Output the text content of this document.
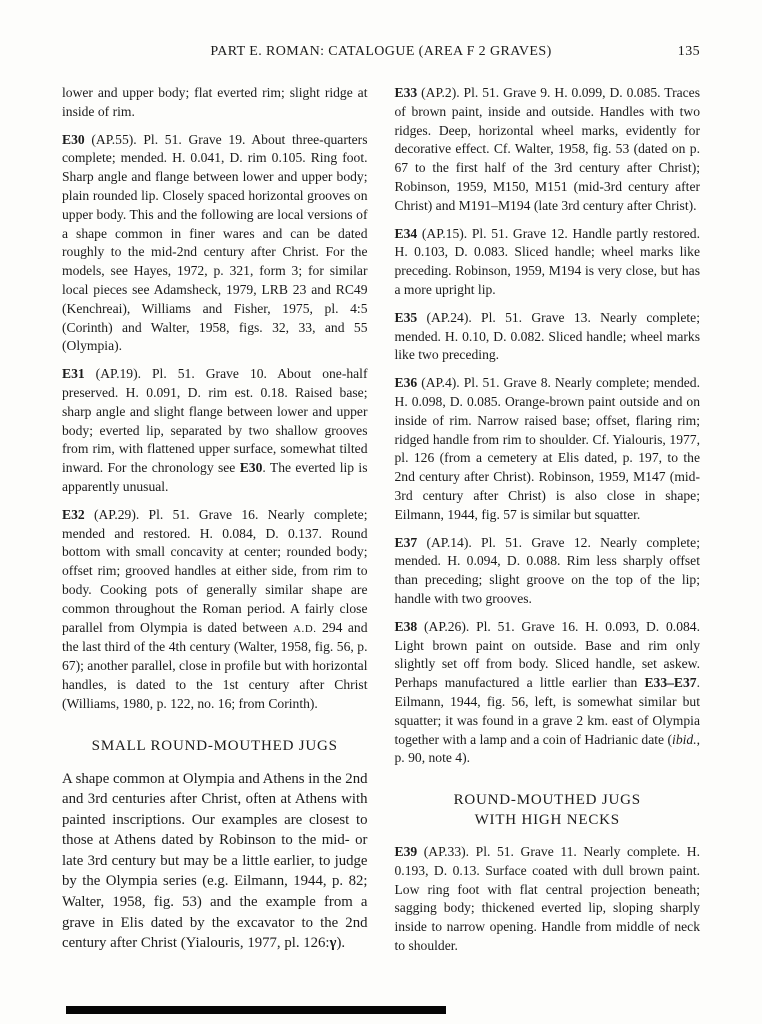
PART E. ROMAN: CATALOGUE (AREA F 2 GRAVES)	135

lower and upper body; flat everted rim; slight ridge at inside of rim.

E30 (AP.55). Pl. 51. Grave 19. About three-quarters complete; mended. H. 0.041, D. rim 0.105. Ring foot. Sharp angle and flange between lower and upper body; plain rounded lip. Closely spaced horizontal grooves on upper body. This and the following are local versions of a shape common in finer wares and can be dated roughly to the mid-2nd century after Christ. For the models, see Hayes, 1972, p. 321, form 3; for similar local pieces see Adamsheck, 1979, LRB 23 and RC49 (Kenchreai), Williams and Fisher, 1975, pl. 4:5 (Corinth) and Walter, 1958, figs. 32, 33, and 55 (Olympia).

E31 (AP.19). Pl. 51. Grave 10. About one-half preserved. H. 0.091, D. rim est. 0.18. Raised base; sharp angle and slight flange between lower and upper body; everted lip, separated by two shallow grooves from rim, with flattened upper surface, somewhat tilted inward. For the chronology see E30. The everted lip is apparently unusual.

E32 (AP.29). Pl. 51. Grave 16. Nearly complete; mended and restored. H. 0.084, D. 0.137. Round bottom with small concavity at center; rounded body; offset rim; grooved handles at either side, from rim to body. Cooking pots of generally similar shape are common throughout the Roman period. A fairly close parallel from Olympia is dated between A.D. 294 and the last third of the 4th century (Walter, 1958, fig. 56, p. 67); another parallel, close in profile but with horizontal handles, is dated to the 1st century after Christ (Williams, 1980, p. 122, no. 16; from Corinth).

SMALL ROUND-MOUTHED JUGS

A shape common at Olympia and Athens in the 2nd and 3rd centuries after Christ, often at Athens with painted inscriptions. Our examples are closest to those at Athens dated by Robinson to the mid- or late 3rd century but may be a little earlier, to judge by the Olympia series (e.g. Eilmann, 1944, p. 82; Walter, 1958, fig. 53) and the example from a grave in Elis dated by the excavator to the 2nd century after Christ (Yialouris, 1977, pl. 126:γ).

E33 (AP.2). Pl. 51. Grave 9. H. 0.099, D. 0.085. Traces of brown paint, inside and outside. Handles with two ridges. Deep, horizontal wheel marks, evidently for decorative effect. Cf. Walter, 1958, fig. 53 (dated on p. 67 to the first half of the 3rd century after Christ); Robinson, 1959, M150, M151 (mid-3rd century after Christ) and M191–M194 (late 3rd century after Christ).

E34 (AP.15). Pl. 51. Grave 12. Handle partly restored. H. 0.103, D. 0.083. Sliced handle; wheel marks like preceding. Robinson, 1959, M194 is very close, but has a more upright lip.

E35 (AP.24). Pl. 51. Grave 13. Nearly complete; mended. H. 0.10, D. 0.082. Sliced handle; wheel marks like two preceding.

E36 (AP.4). Pl. 51. Grave 8. Nearly complete; mended. H. 0.098, D. 0.085. Orange-brown paint outside and on inside of rim. Narrow raised base; offset, flaring rim; ridged handle from rim to shoulder. Cf. Yialouris, 1977, pl. 126 (from a cemetery at Elis dated, p. 197, to the 2nd century after Christ). Robinson, 1959, M147 (mid-3rd century after Christ) is also close in shape; Eilmann, 1944, fig. 57 is similar but squatter.

E37 (AP.14). Pl. 51. Grave 12. Nearly complete; mended. H. 0.094, D. 0.088. Rim less sharply offset than preceding; slight groove on the top of the lip; handle with two grooves.

E38 (AP.26). Pl. 51. Grave 16. H. 0.093, D. 0.084. Light brown paint on outside. Base and rim only slightly set off from body. Sliced handle, set askew. Perhaps manufactured a little earlier than E33–E37. Eilmann, 1944, fig. 56, left, is somewhat similar but squatter; it was found in a grave 2 km. east of Olympia together with a lamp and a coin of Hadrianic date (ibid., p. 90, note 4).

ROUND-MOUTHED JUGS
WITH HIGH NECKS

E39 (AP.33). Pl. 51. Grave 11. Nearly complete. H. 0.193, D. 0.13. Surface coated with dull brown paint. Low ring foot with flat central projection beneath; sagging body; thickened everted lip, sloping sharply inside to narrow opening. Handle from middle of neck to shoulder.
